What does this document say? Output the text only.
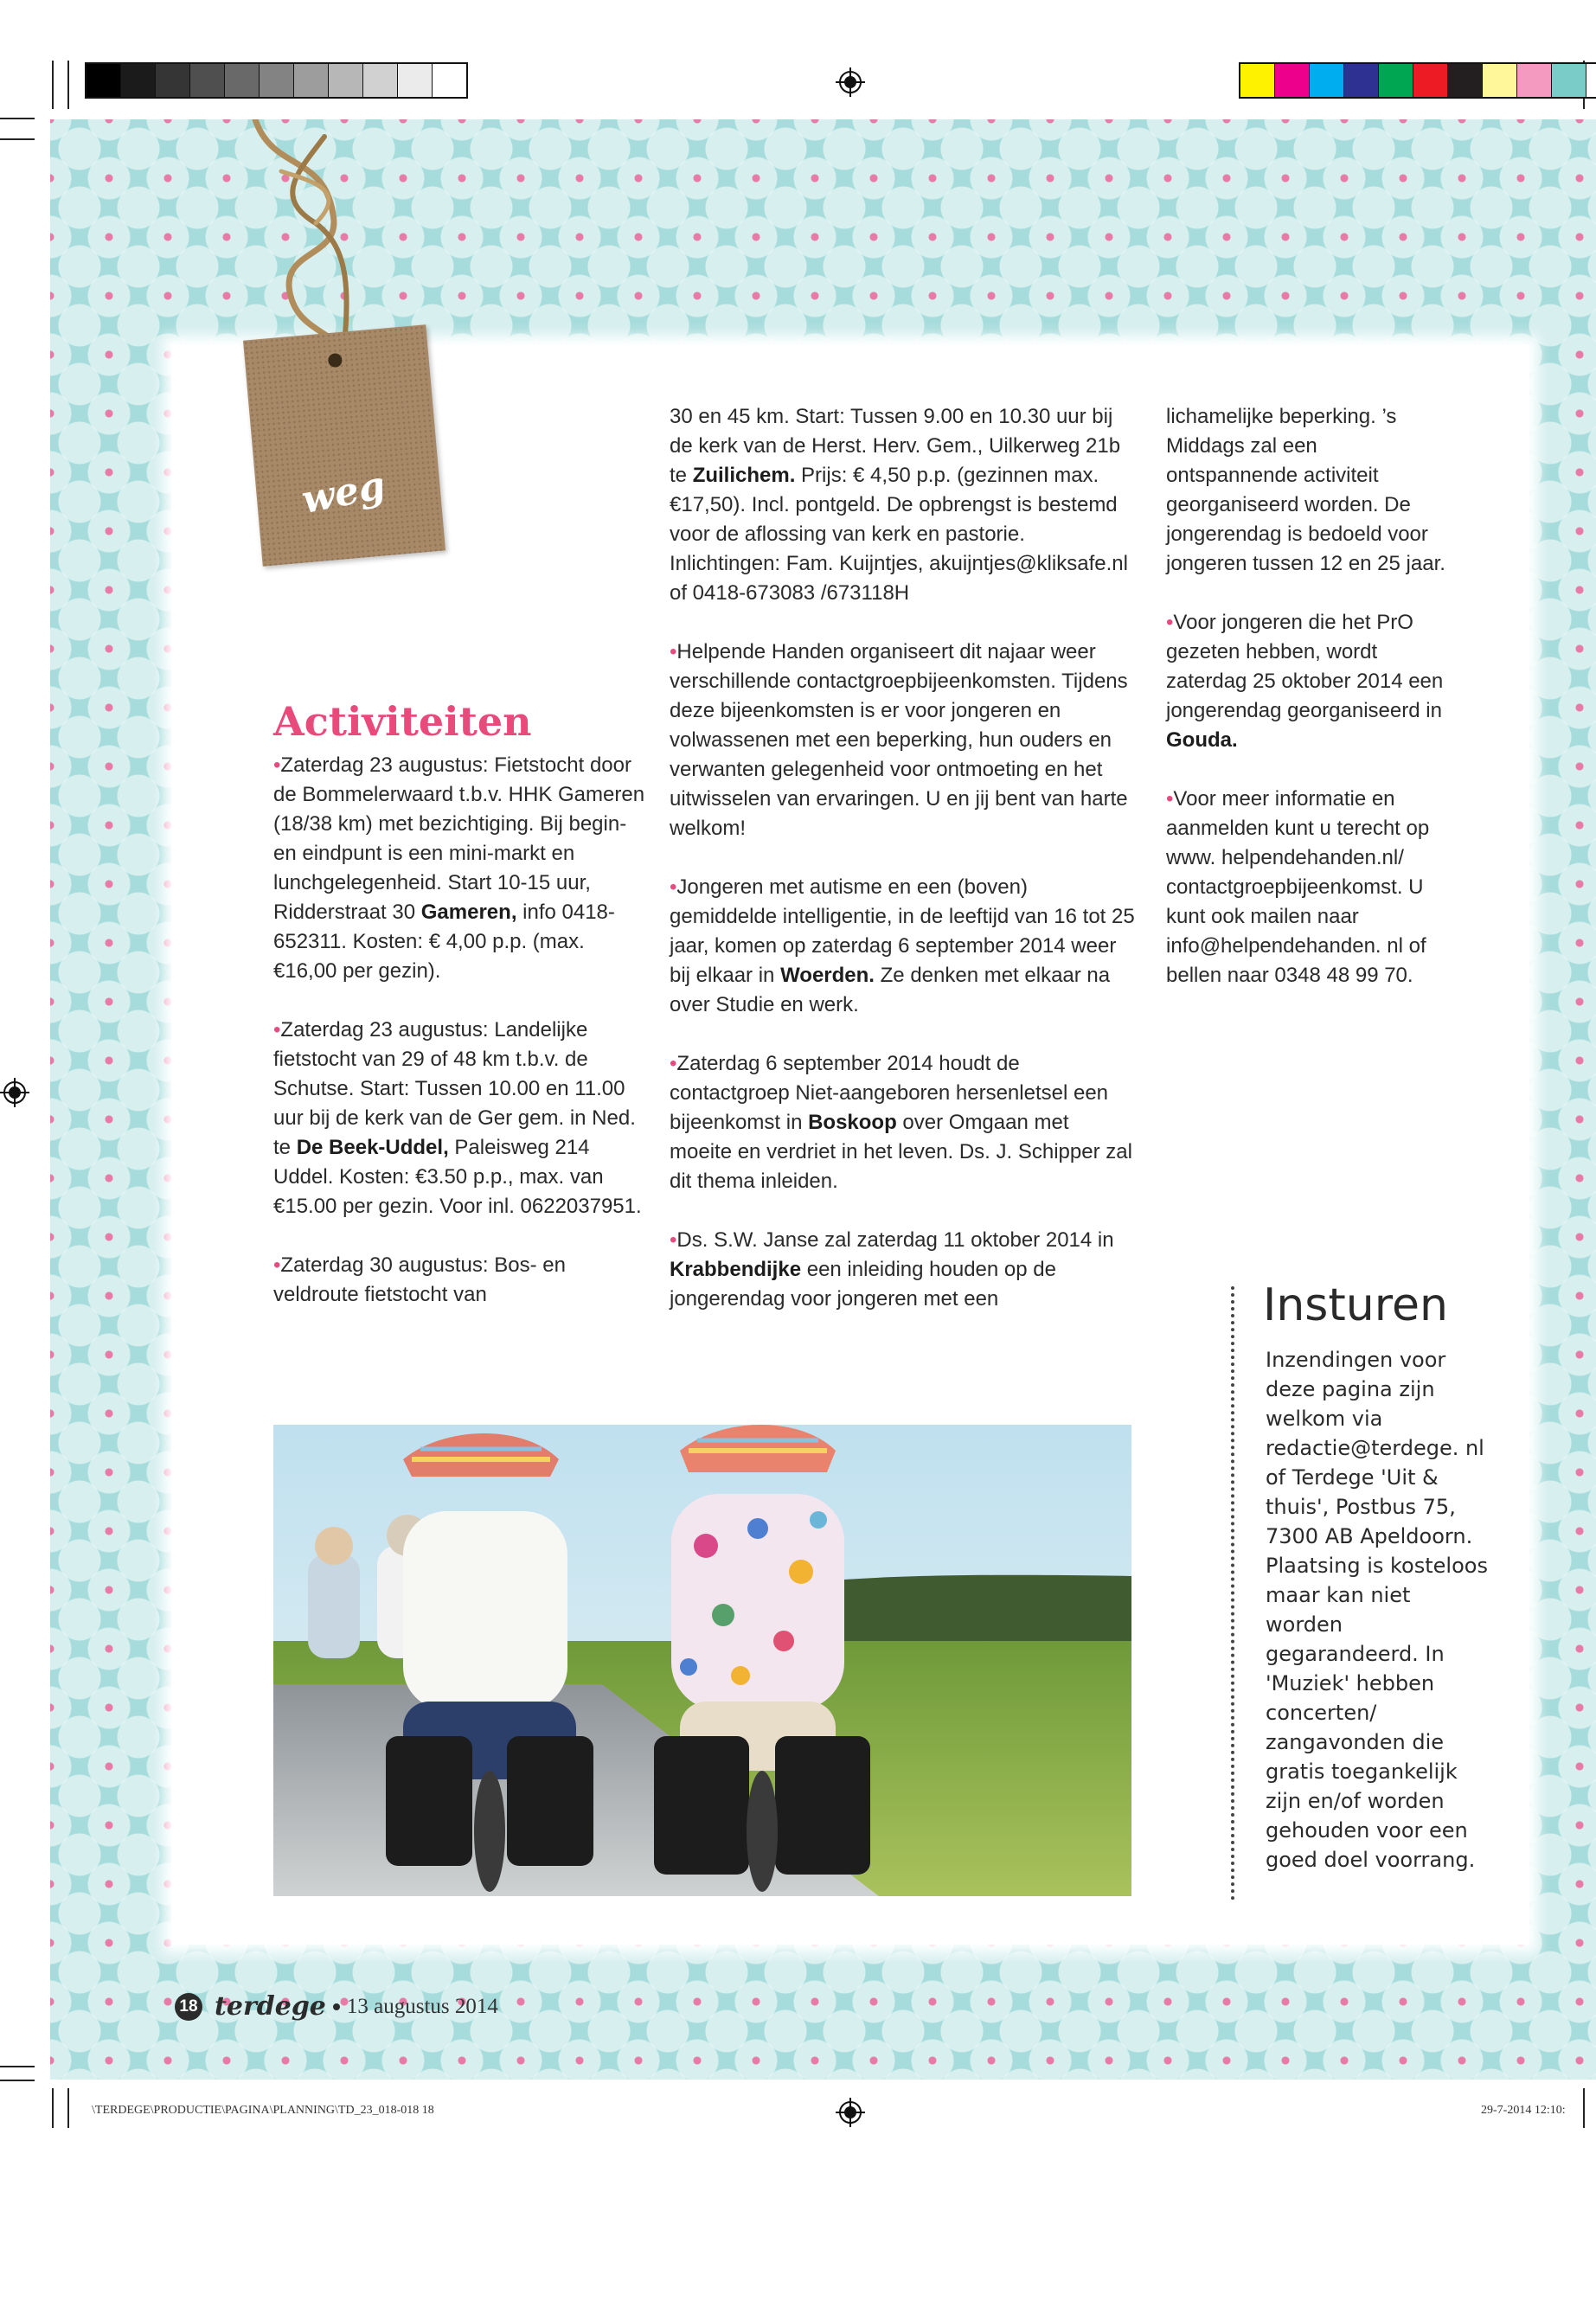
weg
Activiteiten

•Zaterdag 23 augustus: Fietstocht door de Bommelerwaard t.b.v. HHK Gameren (18/38 km) met bezichtiging. Bij begin- en eindpunt is een mini-markt en lunchgelegenheid. Start 10-15 uur, Ridderstraat 30 Gameren, info 0418-652311. Kosten: € 4,00 p.p. (max. €16,00 per gezin).

•Zaterdag 23 augustus: Landelijke fietstocht van 29 of 48 km t.b.v. de Schutse. Start: Tussen 10.00 en 11.00 uur bij de kerk van de Ger gem. in Ned. te De Beek-Uddel, Paleisweg 214 Uddel. Kosten: €3.50 p.p., max. van €15.00 per gezin. Voor inl. 0622037951.

•Zaterdag 30 augustus: Bos- en veldroute fietstocht van

30 en 45 km. Start: Tussen 9.00 en 10.30 uur bij de kerk van de Herst. Herv. Gem., Uilkerweg 21b te Zuilichem. Prijs: € 4,50 p.p. (gezinnen max. €17,50). Incl. pontgeld. De opbrengst is bestemd voor de aflossing van kerk en pastorie. Inlichtingen: Fam. Kuijntjes, akuijntjes@kliksafe.nl of 0418-673083 /673118H

•Helpende Handen organiseert dit najaar weer verschillende contactgroepbijeenkomsten. Tijdens deze bijeenkomsten is er voor jongeren en volwassenen met een beperking, hun ouders en verwanten gelegenheid voor ontmoeting en het uitwisselen van ervaringen. U en jij bent van harte welkom!

•Jongeren met autisme en een (boven) gemiddelde intelligentie, in de leeftijd van 16 tot 25 jaar, komen op zaterdag 6 september 2014 weer bij elkaar in Woerden. Ze denken met elkaar na over Studie en werk.

•Zaterdag 6 september 2014 houdt de contactgroep Niet-aangeboren hersenletsel een bijeenkomst in Boskoop over Omgaan met moeite en verdriet in het leven. Ds. J. Schipper zal dit thema inleiden.

•Ds. S.W. Janse zal zaterdag 11 oktober 2014 in Krabbendijke een inleiding houden op de jongerendag voor jongeren met een

lichamelijke beperking. ’s Middags zal een ontspannende activiteit georganiseerd worden. De jongerendag is bedoeld voor jongeren tussen 12 en 25 jaar.

•Voor jongeren die het PrO gezeten hebben, wordt zaterdag 25 oktober 2014 een jongerendag georganiseerd in Gouda.

•Voor meer informatie en aanmelden kunt u terecht op www. helpendehanden.nl/ contactgroepbijeenkomst. U kunt ook mailen naar info@helpendehanden. nl of bellen naar 0348 48 99 70.

Insturen
Inzendingen voor deze pagina zijn welkom via redactie@terdege. nl of Terdege 'Uit & thuis', Postbus 75, 7300 AB Apeldoorn. Plaatsing is kosteloos maar kan niet worden gegarandeerd. In 'Muziek' hebben concerten/ zangavonden die gratis toegankelijk zijn en/of worden gehouden voor een goed doel voorrang.
18 terdege 13 augustus 2014
\TERDEGE\PRODUCTIE\PAGINA\PLANNING\TD_23_018-018 18	29-7-2014 12:10:
